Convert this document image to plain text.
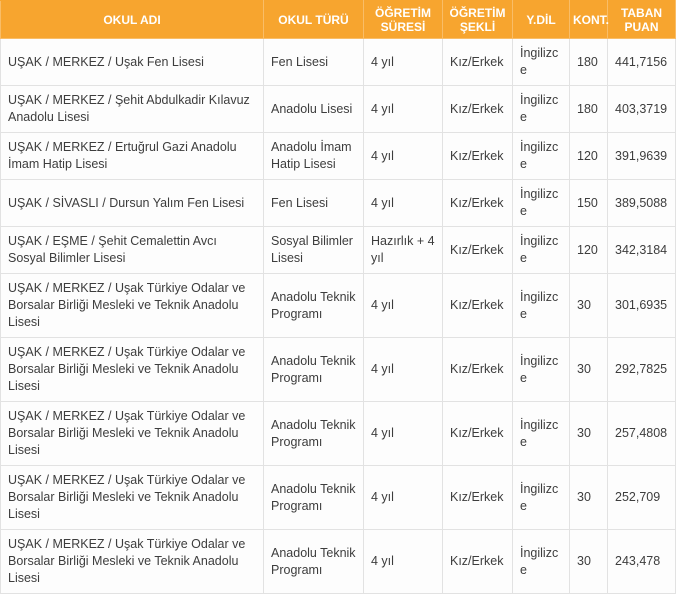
OKUL ADI	OKUL TÜRÜ	ÖĞRETİM SÜRESİ	ÖĞRETİM ŞEKLİ	Y.DİL	KONT.	TABAN PUAN
UŞAK / MERKEZ / Uşak Fen Lisesi	Fen Lisesi	4 yıl	Kız/Erkek	İngilizce	180	441,7156
UŞAK / MERKEZ / Şehit Abdulkadir Kılavuz Anadolu Lisesi	Anadolu Lisesi	4 yıl	Kız/Erkek	İngilizce	180	403,3719
UŞAK / MERKEZ / Ertuğrul Gazi Anadolu İmam Hatip Lisesi	Anadolu İmam Hatip Lisesi	4 yıl	Kız/Erkek	İngilizce	120	391,9639
UŞAK / SİVASLI / Dursun Yalım Fen Lisesi	Fen Lisesi	4 yıl	Kız/Erkek	İngilizce	150	389,5088
UŞAK / EŞME / Şehit Cemalettin Avcı Sosyal Bilimler Lisesi	Sosyal Bilimler Lisesi	Hazırlık + 4 yıl	Kız/Erkek	İngilizce	120	342,3184
UŞAK / MERKEZ / Uşak Türkiye Odalar ve Borsalar Birliği Mesleki ve Teknik Anadolu Lisesi	Anadolu Teknik Programı	4 yıl	Kız/Erkek	İngilizce	30	301,6935
UŞAK / MERKEZ / Uşak Türkiye Odalar ve Borsalar Birliği Mesleki ve Teknik Anadolu Lisesi	Anadolu Teknik Programı	4 yıl	Kız/Erkek	İngilizce	30	292,7825
UŞAK / MERKEZ / Uşak Türkiye Odalar ve Borsalar Birliği Mesleki ve Teknik Anadolu Lisesi	Anadolu Teknik Programı	4 yıl	Kız/Erkek	İngilizce	30	257,4808
UŞAK / MERKEZ / Uşak Türkiye Odalar ve Borsalar Birliği Mesleki ve Teknik Anadolu Lisesi	Anadolu Teknik Programı	4 yıl	Kız/Erkek	İngilizce	30	252,709
UŞAK / MERKEZ / Uşak Türkiye Odalar ve Borsalar Birliği Mesleki ve Teknik Anadolu Lisesi	Anadolu Teknik Programı	4 yıl	Kız/Erkek	İngilizce	30	243,478
